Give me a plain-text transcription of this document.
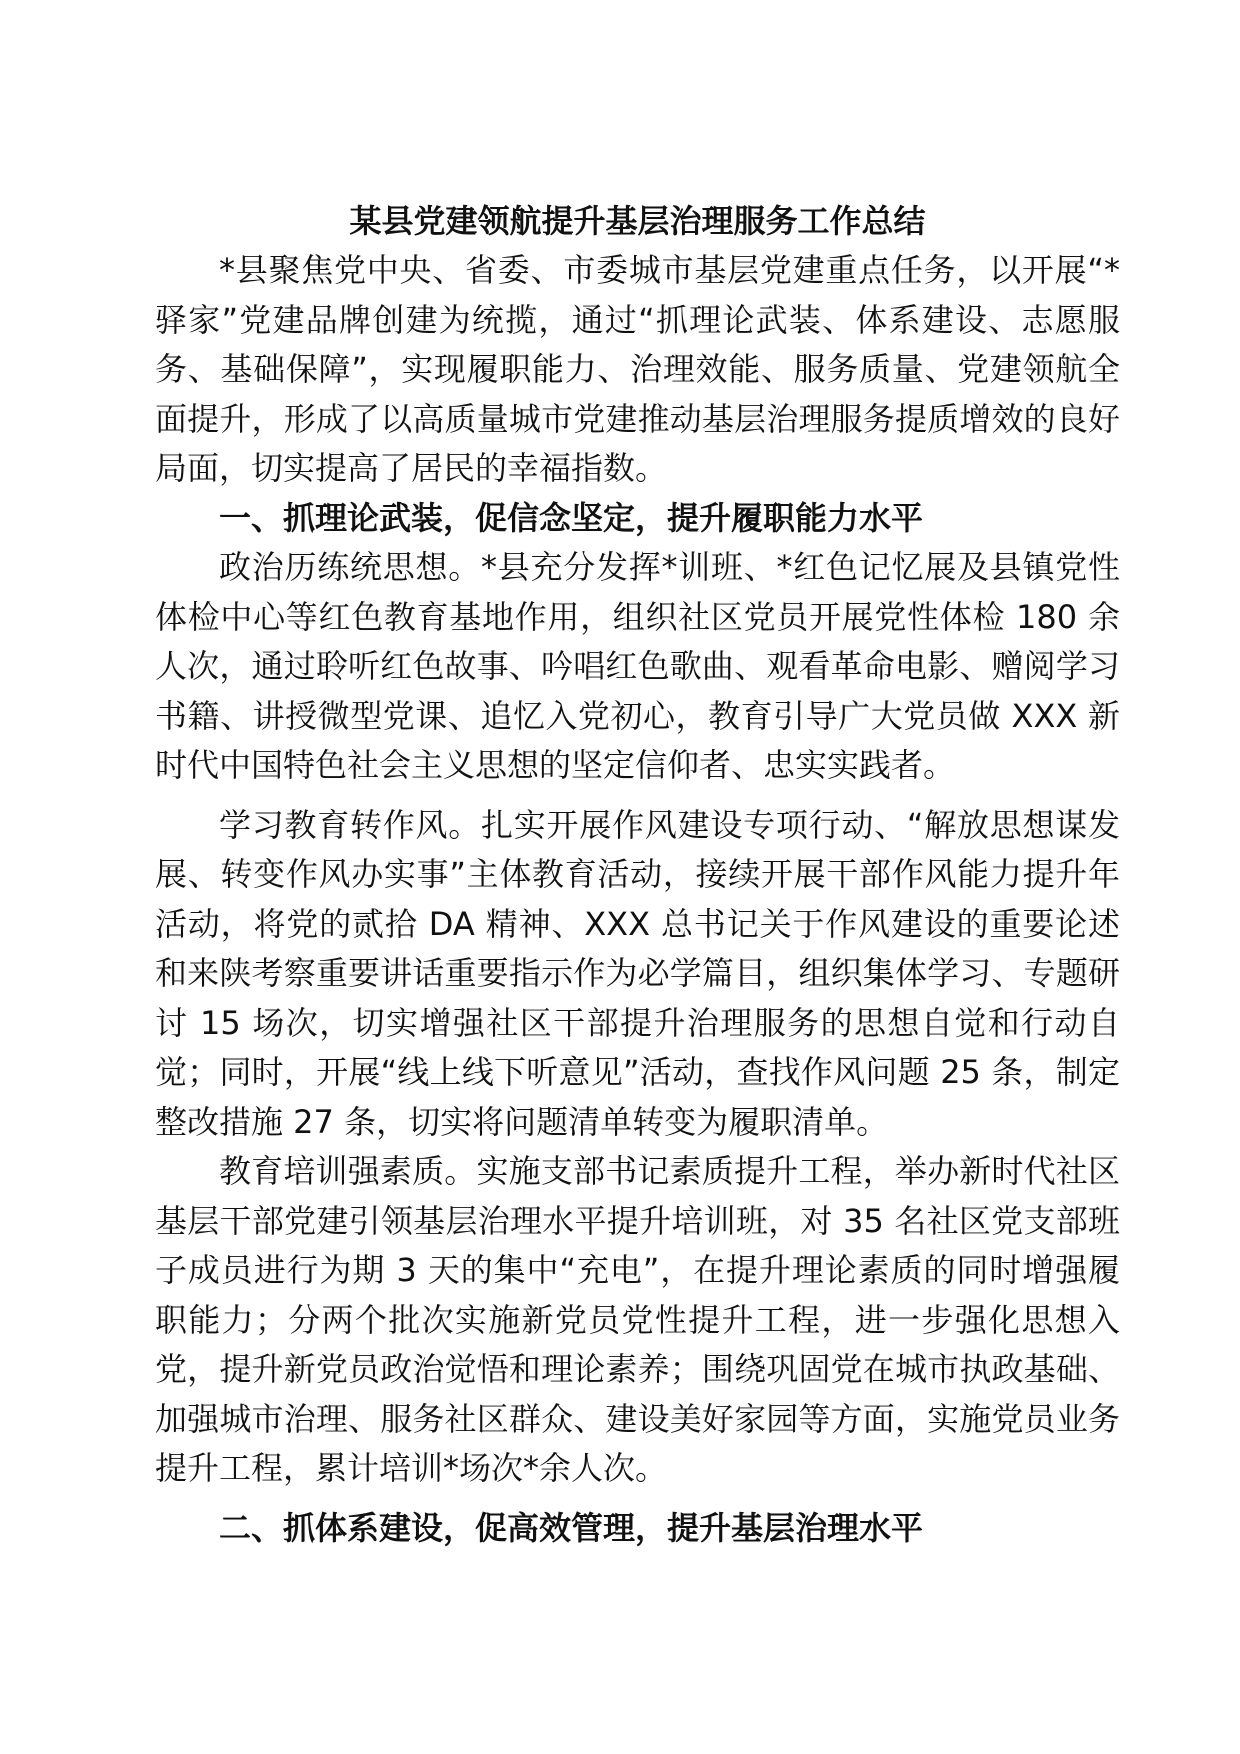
某县党建领航提升基层治理服务工作总结

*县聚焦党中央、省委、市委城市基层党建重点任务，以开展“*驿家”党建品牌创建为统揽，通过“抓理论武装、体系建设、志愿服务、基础保障”，实现履职能力、治理效能、服务质量、党建领航全面提升，形成了以高质量城市党建推动基层治理服务提质增效的良好局面，切实提高了居民的幸福指数。

一、抓理论武装，促信念坚定，提升履职能力水平

政治历练统思想。*县充分发挥*训班、*红色记忆展及县镇党性体检中心等红色教育基地作用，组织社区党员开展党性体检 180 余人次，通过聆听红色故事、吟唱红色歌曲、观看革命电影、赠阅学习书籍、讲授微型党课、追忆入党初心，教育引导广大党员做 XXX 新时代中国特色社会主义思想的坚定信仰者、忠实实践者。

学习教育转作风。扎实开展作风建设专项行动、“解放思想谋发展、转变作风办实事”主体教育活动，接续开展干部作风能力提升年活动，将党的贰拾 DA 精神、XXX 总书记关于作风建设的重要论述和来陕考察重要讲话重要指示作为必学篇目，组织集体学习、专题研讨 15 场次，切实增强社区干部提升治理服务的思想自觉和行动自觉；同时，开展“线上线下听意见”活动，查找作风问题 25 条，制定整改措施 27 条，切实将问题清单转变为履职清单。

教育培训强素质。实施支部书记素质提升工程，举办新时代社区基层干部党建引领基层治理水平提升培训班，对 35 名社区党支部班子成员进行为期 3 天的集中“充电”，在提升理论素质的同时增强履职能力；分两个批次实施新党员党性提升工程，进一步强化思想入党，提升新党员政治觉悟和理论素养；围绕巩固党在城市执政基础、加强城市治理、服务社区群众、建设美好家园等方面，实施党员业务提升工程，累计培训*场次*余人次。

二、抓体系建设，促高效管理，提升基层治理水平
